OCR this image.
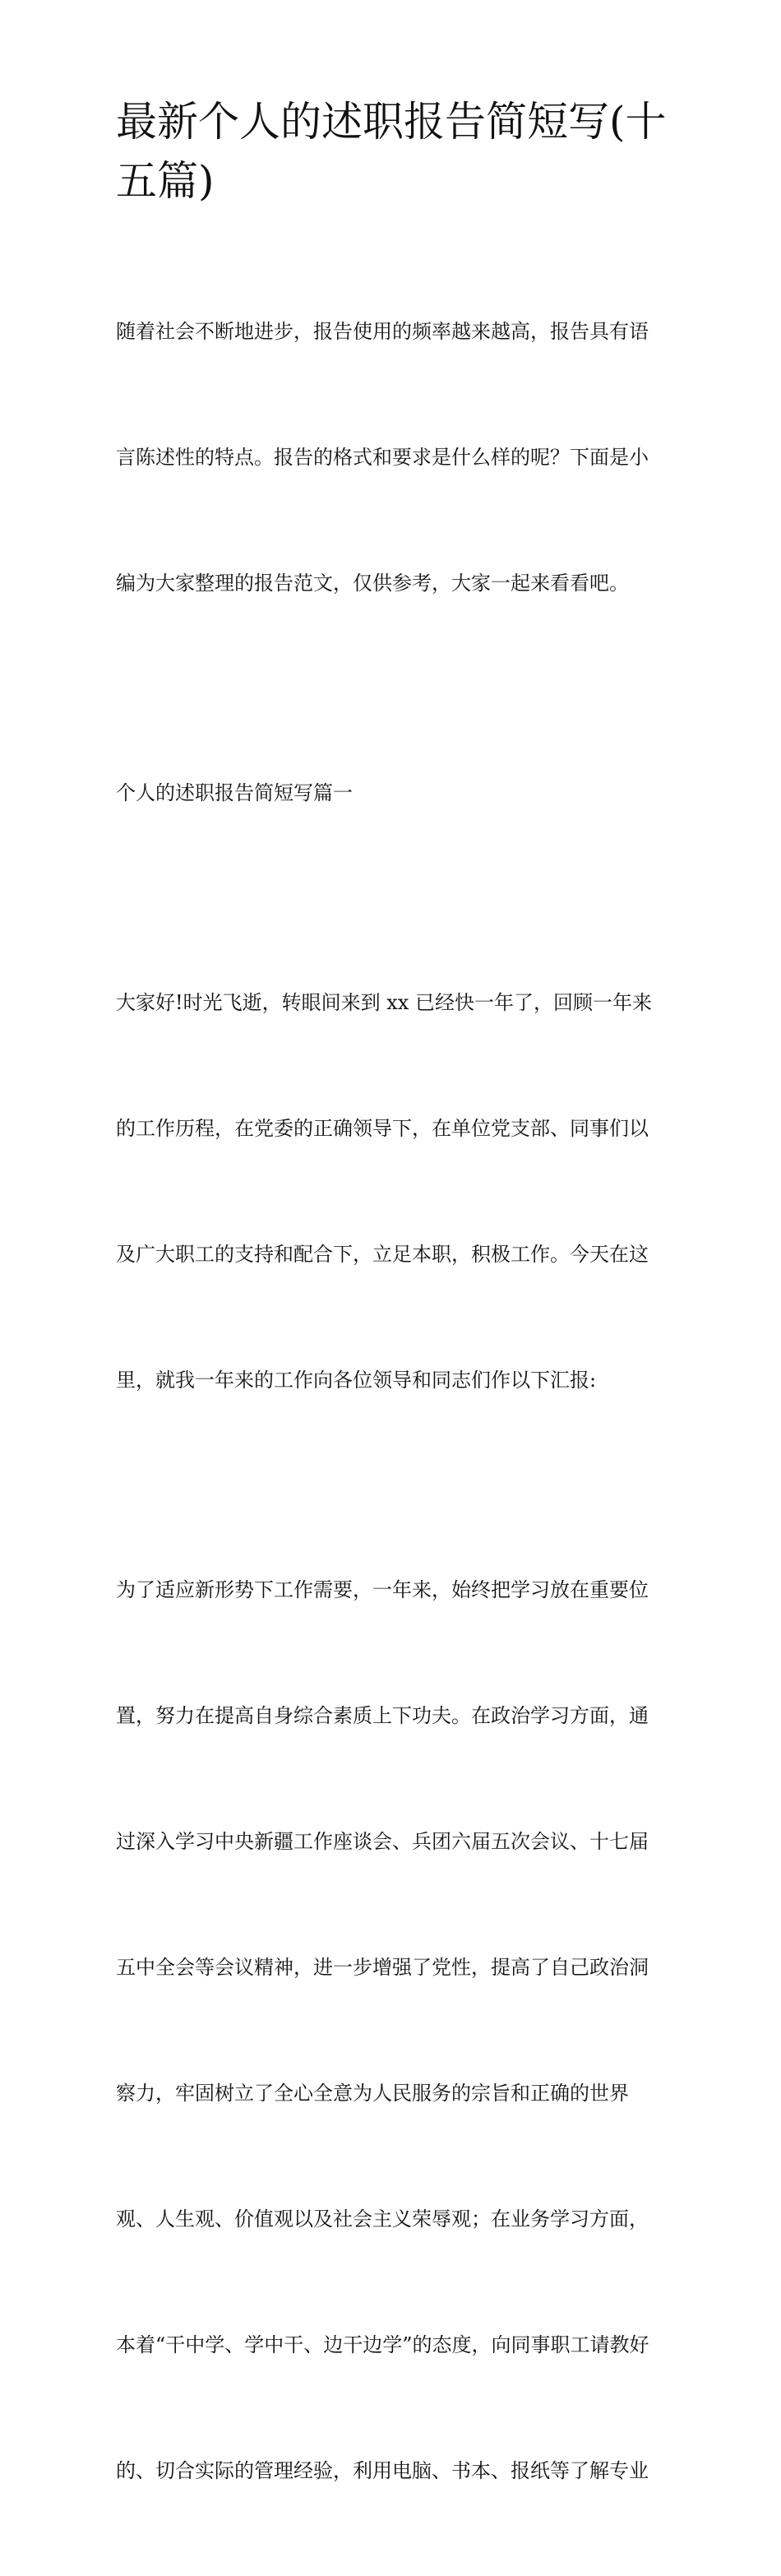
最新个人的述职报告简短写(十
五篇)

随着社会不断地进步，报告使用的频率越来越高，报告具有语

言陈述性的特点。报告的格式和要求是什么样的呢？下面是小

编为大家整理的报告范文，仅供参考，大家一起来看看吧。

个人的述职报告简短写篇一

大家好!时光飞逝，转眼间来到 xx 已经快一年了，回顾一年来

的工作历程，在党委的正确领导下，在单位党支部、同事们以

及广大职工的支持和配合下，立足本职，积极工作。今天在这

里，就我一年来的工作向各位领导和同志们作以下汇报:

为了适应新形势下工作需要，一年来，始终把学习放在重要位

置，努力在提高自身综合素质上下功夫。在政治学习方面，通

过深入学习中央新疆工作座谈会、兵团六届五次会议、十七届

五中全会等会议精神，进一步增强了党性，提高了自己政治洞

察力，牢固树立了全心全意为人民服务的宗旨和正确的世界

观、人生观、价值观以及社会主义荣辱观；在业务学习方面，

本着“干中学、学中干、边干边学”的态度，向同事职工请教好

的、切合实际的管理经验，利用电脑、书本、报纸等了解专业
